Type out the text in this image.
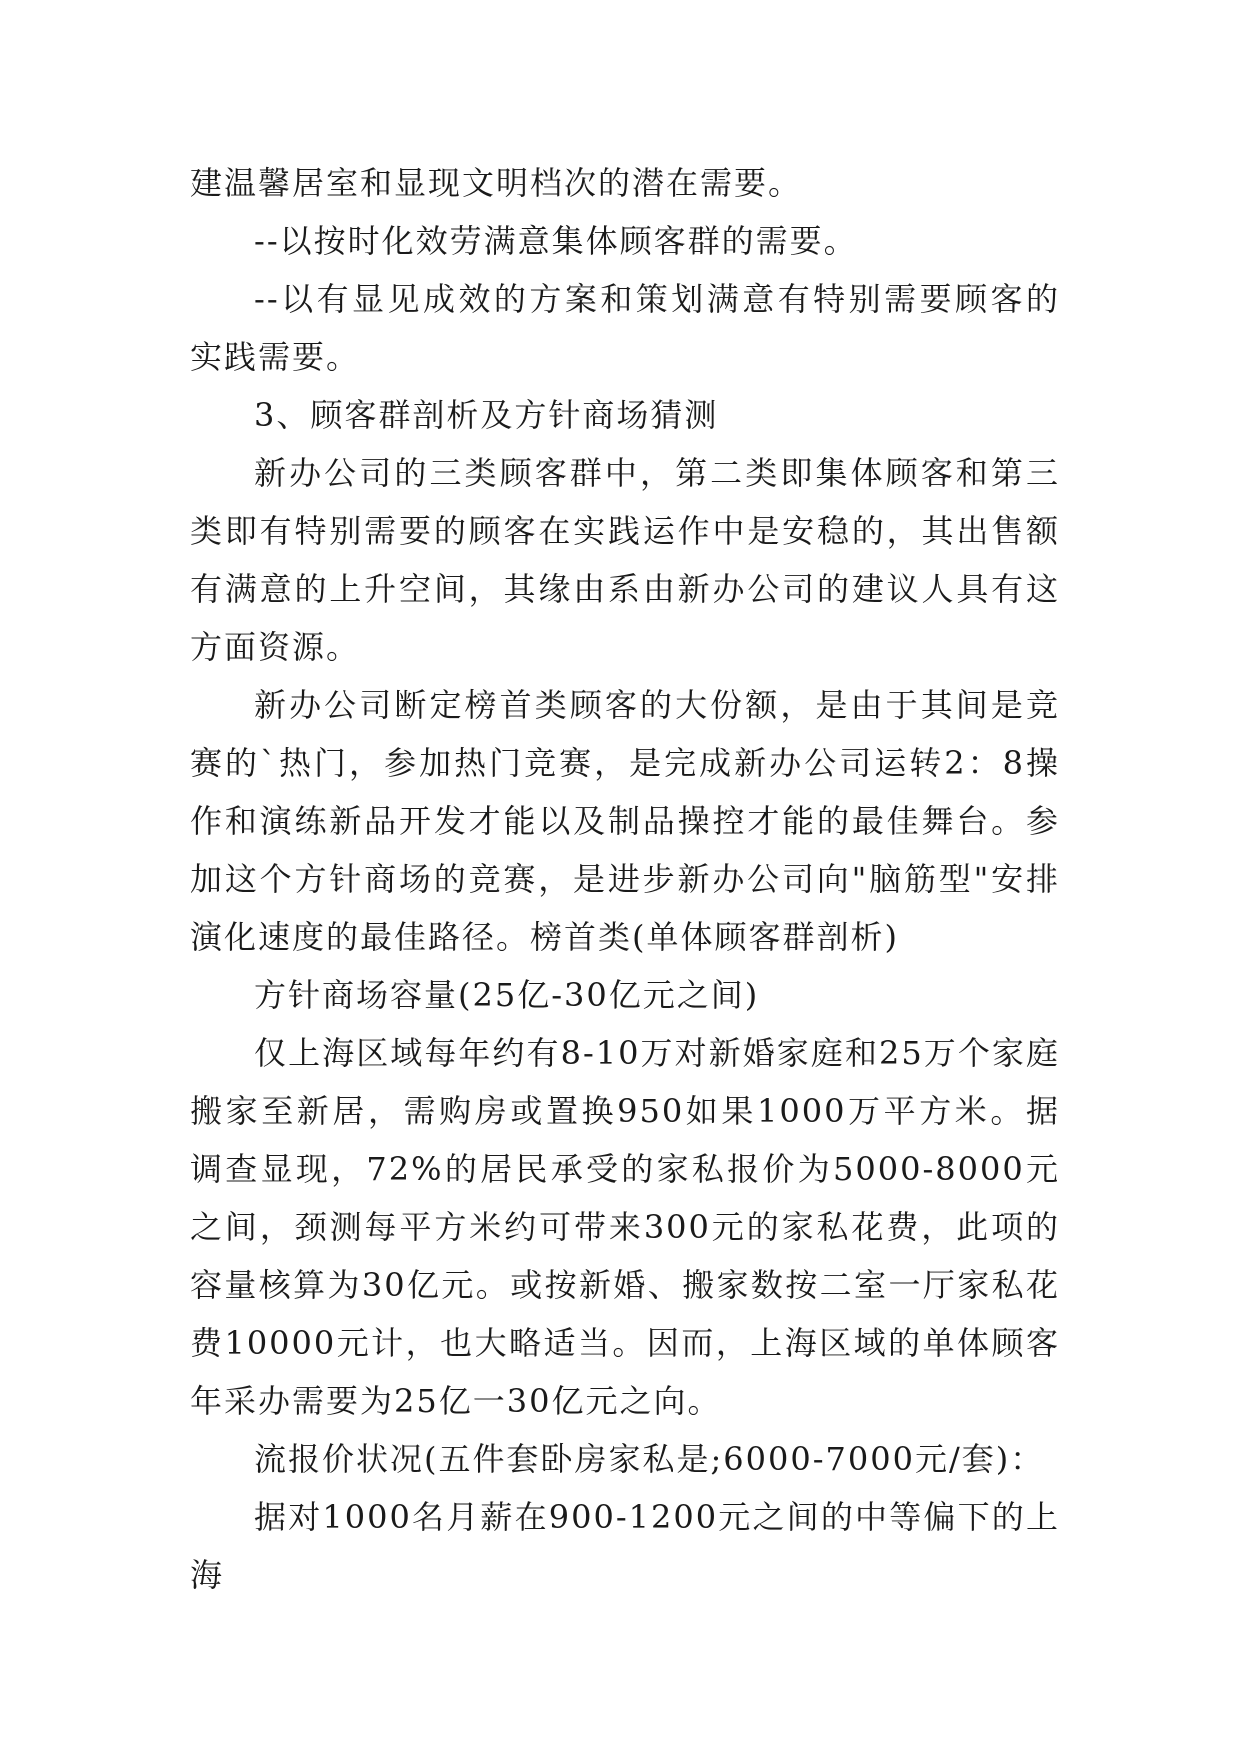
建温馨居室和显现文明档次的潜在需要。

--以按时化效劳满意集体顾客群的需要。

--以有显见成效的方案和策划满意有特别需要顾客的实践需要。

3、顾客群剖析及方针商场猜测

新办公司的三类顾客群中，第二类即集体顾客和第三类即有特别需要的顾客在实践运作中是安稳的，其出售额有满意的上升空间，其缘由系由新办公司的建议人具有这方面资源。

新办公司断定榜首类顾客的大份额，是由于其间是竞赛的`热门，参加热门竞赛，是完成新办公司运转2：8操作和演练新品开发才能以及制品操控才能的最佳舞台。参加这个方针商场的竞赛，是进步新办公司向"脑筋型"安排演化速度的最佳路径。榜首类(单体顾客群剖析)

方针商场容量(25亿-30亿元之间)

仅上海区域每年约有8-10万对新婚家庭和25万个家庭搬家至新居，需购房或置换950如果1000万平方米。据调查显现，72%的居民承受的家私报价为5000-8000元之间，颈测每平方米约可带来300元的家私花费，此项的容量核算为30亿元。或按新婚、搬家数按二室一厅家私花费10000元计，也大略适当。因而，上海区域的单体顾客年采办需要为25亿一30亿元之向。

流报价状况(五件套卧房家私是;6000-7000元/套)：

据对1000名月薪在900-1200元之间的中等偏下的上海
